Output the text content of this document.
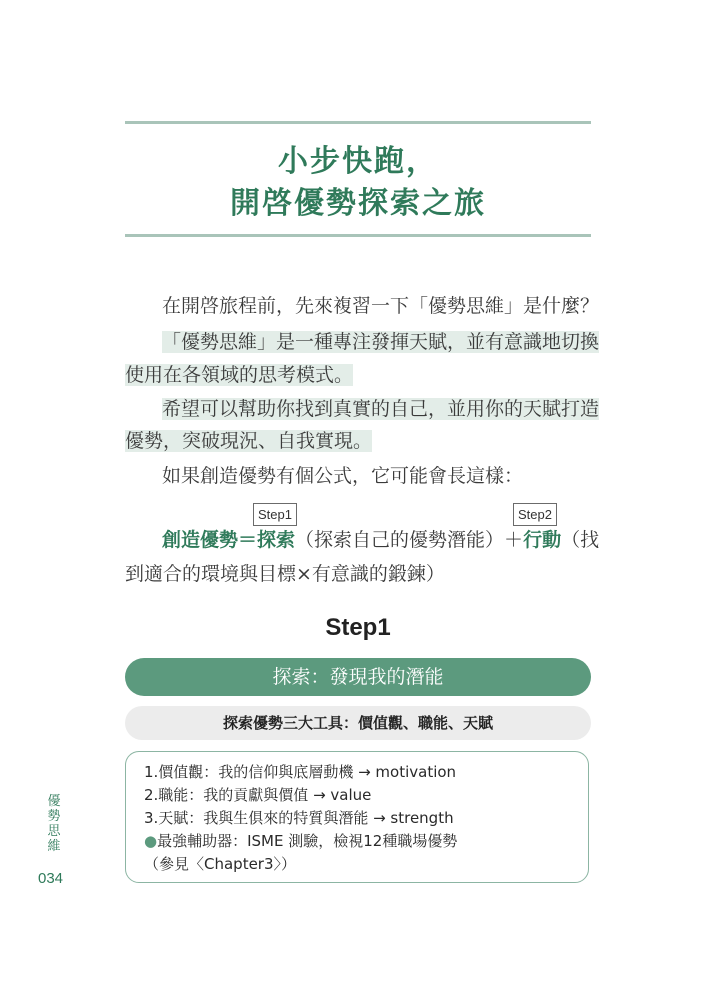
小步快跑，
開啓優勢探索之旅
在開啓旅程前，先來複習一下「優勢思維」是什麼？
「優勢思維」是一種專注發揮天賦，並有意識地切換
使用在各領域的思考模式。
希望可以幫助你找到真實的自己，並用你的天賦打造
優勢，突破現況、自我實現。
如果創造優勢有個公式，它可能會長這樣：
Step1	Step2
創造優勢＝探索（探索自己的優勢潛能）＋行動（找
到適合的環境與目標×有意識的鍛鍊）
Step1
探索：發現我的潛能
探索優勢三大工具：價值觀、職能、天賦
1.價值觀：我的信仰與底層動機 → motivation
2.職能：我的貢獻與價值 → value
3.天賦：我與生俱來的特質與潛能 → strength
●最強輔助器：ISME 測驗，檢視12種職場優勢
（參見〈Chapter3〉）
優勢思維
034
